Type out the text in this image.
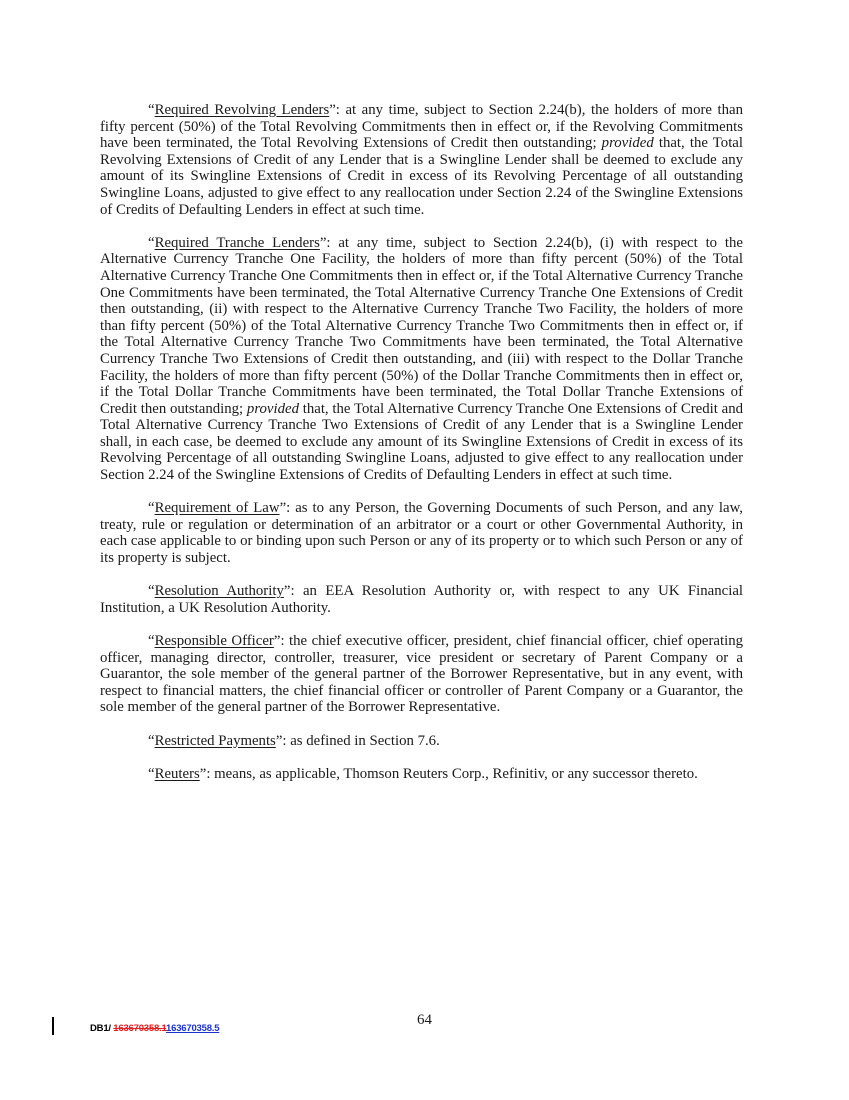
“Required Revolving Lenders”: at any time, subject to Section 2.24(b), the holders of more than fifty percent (50%) of the Total Revolving Commitments then in effect or, if the Revolving Commitments have been terminated, the Total Revolving Extensions of Credit then outstanding; provided that, the Total Revolving Extensions of Credit of any Lender that is a Swingline Lender shall be deemed to exclude any amount of its Swingline Extensions of Credit in excess of its Revolving Percentage of all outstanding Swingline Loans, adjusted to give effect to any reallocation under Section 2.24 of the Swingline Extensions of Credits of Defaulting Lenders in effect at such time.

“Required Tranche Lenders”: at any time, subject to Section 2.24(b), (i) with respect to the Alternative Currency Tranche One Facility, the holders of more than fifty percent (50%) of the Total Alternative Currency Tranche One Commitments then in effect or, if the Total Alternative Currency Tranche One Commitments have been terminated, the Total Alternative Currency Tranche One Extensions of Credit then outstanding, (ii) with respect to the Alternative Currency Tranche Two Facility, the holders of more than fifty percent (50%) of the Total Alternative Currency Tranche Two Commitments then in effect or, if the Total Alternative Currency Tranche Two Commitments have been terminated, the Total Alternative Currency Tranche Two Extensions of Credit then outstanding, and (iii) with respect to the Dollar Tranche Facility, the holders of more than fifty percent (50%) of the Dollar Tranche Commitments then in effect or, if the Total Dollar Tranche Commitments have been terminated, the Total Dollar Tranche Extensions of Credit then outstanding; provided that, the Total Alternative Currency Tranche One Extensions of Credit and Total Alternative Currency Tranche Two Extensions of Credit of any Lender that is a Swingline Lender shall, in each case, be deemed to exclude any amount of its Swingline Extensions of Credit in excess of its Revolving Percentage of all outstanding Swingline Loans, adjusted to give effect to any reallocation under Section 2.24 of the Swingline Extensions of Credits of Defaulting Lenders in effect at such time.

“Requirement of Law”: as to any Person, the Governing Documents of such Person, and any law, treaty, rule or regulation or determination of an arbitrator or a court or other Governmental Authority, in each case applicable to or binding upon such Person or any of its property or to which such Person or any of its property is subject.

“Resolution Authority”: an EEA Resolution Authority or, with respect to any UK Financial Institution, a UK Resolution Authority.

“Responsible Officer”: the chief executive officer, president, chief financial officer, chief operating officer, managing director, controller, treasurer, vice president or secretary of Parent Company or a Guarantor, the sole member of the general partner of the Borrower Representative, but in any event, with respect to financial matters, the chief financial officer or controller of Parent Company or a Guarantor, the sole member of the general partner of the Borrower Representative.

“Restricted Payments”: as defined in Section 7.6.

“Reuters”: means, as applicable, Thomson Reuters Corp., Refinitiv, or any successor thereto.

64
DB1/ 163670358.1163670358.5
